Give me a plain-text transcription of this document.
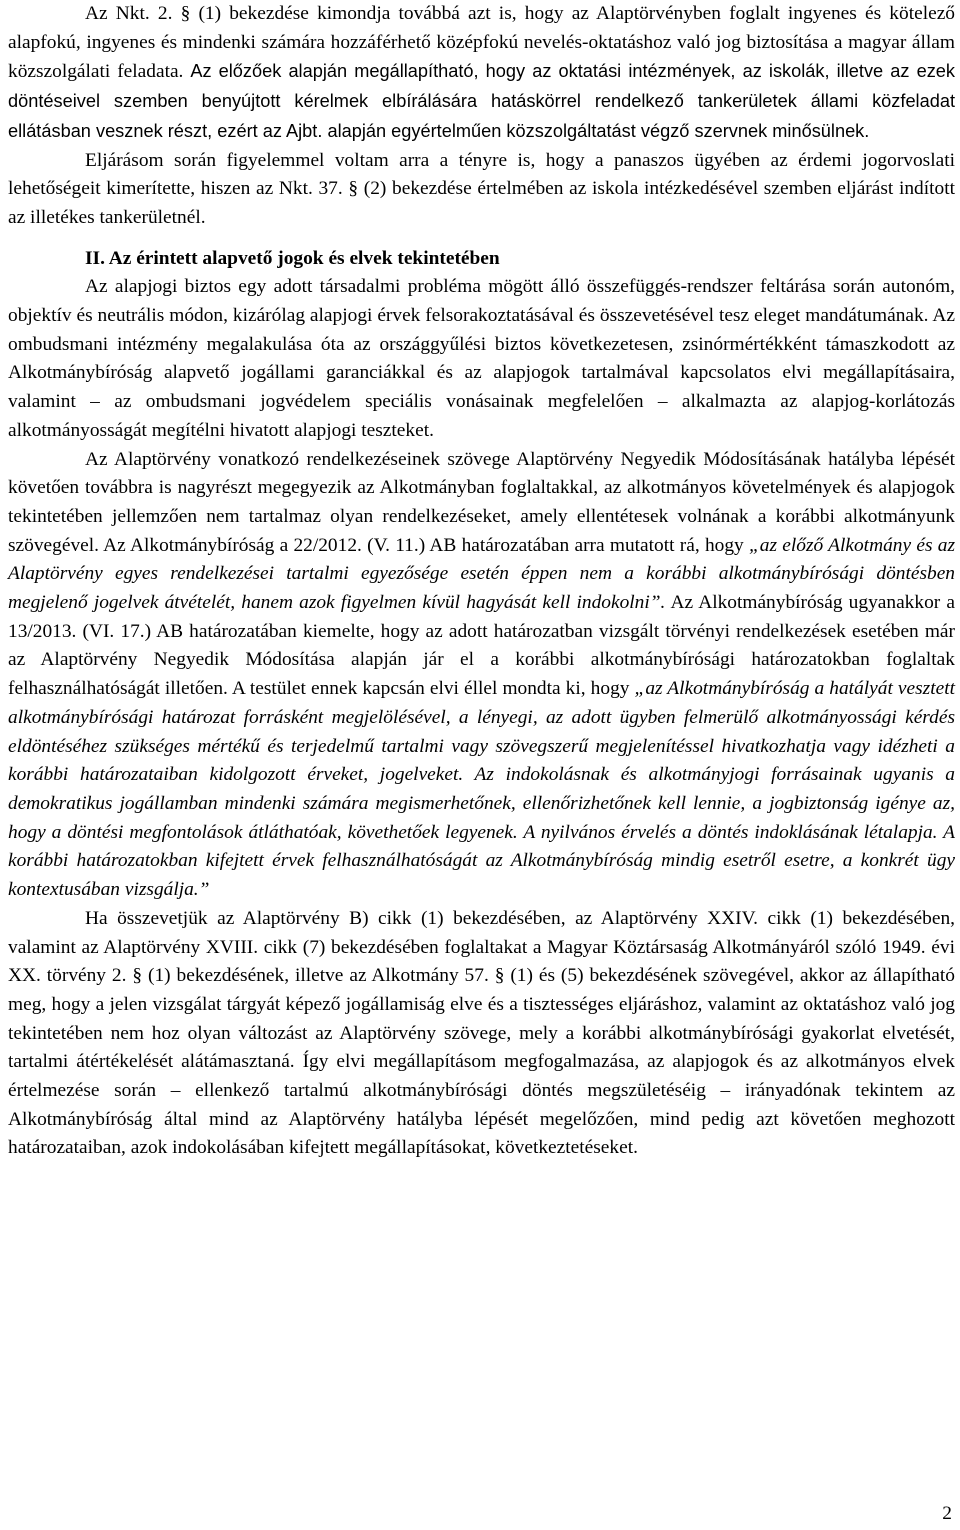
Az Nkt. 2. § (1) bekezdése kimondja továbbá azt is, hogy az Alaptörvényben foglalt ingyenes és kötelező alapfokú, ingyenes és mindenki számára hozzáférhető középfokú nevelés-oktatáshoz való jog biztosítása a magyar állam közszolgálati feladata. Az előzőek alapján megállapítható, hogy az oktatási intézmények, az iskolák, illetve az ezek döntéseivel szemben benyújtott kérelmek elbírálására hatáskörrel rendelkező tankerületek állami közfeladat ellátásban vesznek részt, ezért az Ajbt. alapján egyértelműen közszolgáltatást végző szervnek minősülnek.

Eljárásom során figyelemmel voltam arra a tényre is, hogy a panaszos ügyében az érdemi jogorvoslati lehetőségeit kimerítette, hiszen az Nkt. 37. § (2) bekezdése értelmében az iskola intézkedésével szemben eljárást indított az illetékes tankerületnél.

II. Az érintett alapvető jogok és elvek tekintetében

Az alapjogi biztos egy adott társadalmi probléma mögött álló összefüggés-rendszer feltárása során autonóm, objektív és neutrális módon, kizárólag alapjogi érvek felsorakoztatásával és összevetésével tesz eleget mandátumának. Az ombudsmani intézmény megalakulása óta az országgyűlési biztos következetesen, zsinórmértékként támaszkodott az Alkotmánybíróság alapvető jogállami garanciákkal és az alapjogok tartalmával kapcsolatos elvi megállapításaira, valamint – az ombudsmani jogvédelem speciális vonásainak megfelelően – alkalmazta az alapjog-korlátozás alkotmányosságát megítélni hivatott alapjogi teszteket.

Az Alaptörvény vonatkozó rendelkezéseinek szövege Alaptörvény Negyedik Módosításának hatályba lépését követően továbbra is nagyrészt megegyezik az Alkotmányban foglaltakkal, az alkotmányos követelmények és alapjogok tekintetében jellemzően nem tartalmaz olyan rendelkezéseket, amely ellentétesek volnának a korábbi alkotmányunk szövegével. Az Alkotmánybíróság a 22/2012. (V. 11.) AB határozatában arra mutatott rá, hogy „az előző Alkotmány és az Alaptörvény egyes rendelkezései tartalmi egyezősége esetén éppen nem a korábbi alkotmánybírósági döntésben megjelenő jogelvek átvételét, hanem azok figyelmen kívül hagyását kell indokolni”. Az Alkotmánybíróság ugyanakkor a 13/2013. (VI. 17.) AB határozatában kiemelte, hogy az adott határozatban vizsgált törvényi rendelkezések esetében már az Alaptörvény Negyedik Módosítása alapján jár el a korábbi alkotmánybírósági határozatokban foglaltak felhasználhatóságát illetően. A testület ennek kapcsán elvi éllel mondta ki, hogy „az Alkotmánybíróság a hatályát vesztett alkotmánybírósági határozat forrásként megjelölésével, a lényegi, az adott ügyben felmerülő alkotmányossági kérdés eldöntéséhez szükséges mértékű és terjedelmű tartalmi vagy szövegszerű megjelenítéssel hivatkozhatja vagy idézheti a korábbi határozataiban kidolgozott érveket, jogelveket. Az indokolásnak és alkotmányjogi forrásainak ugyanis a demokratikus jogállamban mindenki számára megismerhetőnek, ellenőrizhetőnek kell lennie, a jogbiztonság igénye az, hogy a döntési megfontolások átláthatóak, követhetőek legyenek. A nyilvános érvelés a döntés indoklásának létalapja. A korábbi határozatokban kifejtett érvek felhasználhatóságát az Alkotmánybíróság mindig esetről esetre, a konkrét ügy kontextusában vizsgálja.”

Ha összevetjük az Alaptörvény B) cikk (1) bekezdésében, az Alaptörvény XXIV. cikk (1) bekezdésében, valamint az Alaptörvény XVIII. cikk (7) bekezdésében foglaltakat a Magyar Köztársaság Alkotmányáról szóló 1949. évi XX. törvény 2. § (1) bekezdésének, illetve az Alkotmány 57. § (1) és (5) bekezdésének szövegével, akkor az állapítható meg, hogy a jelen vizsgálat tárgyát képező jogállamiság elve és a tisztességes eljáráshoz, valamint az oktatáshoz való jog tekintetében nem hoz olyan változást az Alaptörvény szövege, mely a korábbi alkotmánybírósági gyakorlat elvetését, tartalmi átértékelését alátámasztaná. Így elvi megállapításom megfogalmazása, az alapjogok és az alkotmányos elvek értelmezése során – ellenkező tartalmú alkotmánybírósági döntés megszületéséig – irányadónak tekintem az Alkotmánybíróság által mind az Alaptörvény hatályba lépését megelőzően, mind pedig azt követően meghozott határozataiban, azok indokolásában kifejtett megállapításokat, következtetéseket.

2
